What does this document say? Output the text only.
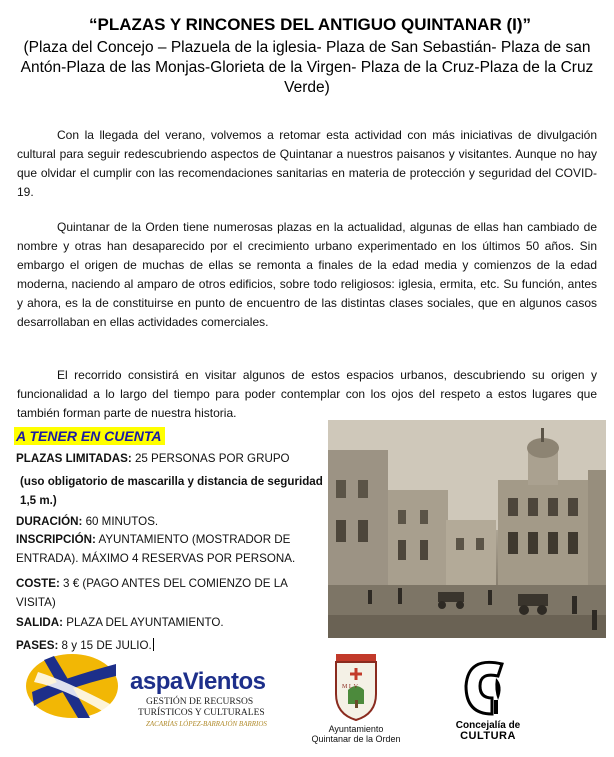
“PLAZAS Y RINCONES DEL ANTIGUO QUINTANAR (I)”
(Plaza del Concejo – Plazuela de la iglesia- Plaza de San Sebastián- Plaza de san Antón-Plaza de las Monjas-Glorieta de la Virgen- Plaza de la Cruz-Plaza de la Cruz Verde)
Con la llegada del verano, volvemos a retomar esta actividad con más iniciativas de divulgación cultural para seguir redescubriendo aspectos de Quintanar a nuestros paisanos y visitantes. Aunque no hay que olvidar el cumplir con las recomendaciones sanitarias en materia de protección y seguridad del COVID-19.
Quintanar de la Orden tiene numerosas plazas en la actualidad, algunas de ellas han cambiado de nombre y otras han desaparecido por el crecimiento urbano experimentado en los últimos 50 años. Sin embargo el origen de muchas de ellas se remonta a finales de la edad media y comienzos de la edad moderna, naciendo al amparo de otros edificios, sobre todo religiosos: iglesia, ermita, etc. Su función, antes y ahora, es la de constituirse en punto de encuentro de las distintas clases sociales, que en algunos casos desarrollaban en ellas actividades comerciales.
El recorrido consistirá en visitar algunos de estos espacios urbanos, descubriendo su origen y funcionalidad a lo largo del tiempo para poder contemplar con los ojos del respeto a estos lugares que también forman parte de nuestra historia.
A TENER EN CUENTA
PLAZAS LIMITADAS: 25 PERSONAS POR GRUPO
(uso obligatorio de mascarilla y distancia de seguridad 1,5 m.)
DURACIÓN: 60 MINUTOS.
INSCRIPCIÓN: AYUNTAMIENTO (MOSTRADOR DE ENTRADA). MÁXIMO 4 RESERVAS POR PERSONA.
COSTE: 3 € (PAGO ANTES DEL COMIENZO DE LA VISITA)
SALIDA: PLAZA DEL AYUNTAMIENTO.
PASES: 8 y 15 DE JULIO.
aspaVientos
GESTIÓN DE RECURSOS
TURÍSTICOS Y CULTURALES
ZACARÍAS LÓPEZ-BARRAJÓN BARRIOS
M L V
Ayuntamiento
Quintanar de la Orden
Concejalía de
CULTURA
